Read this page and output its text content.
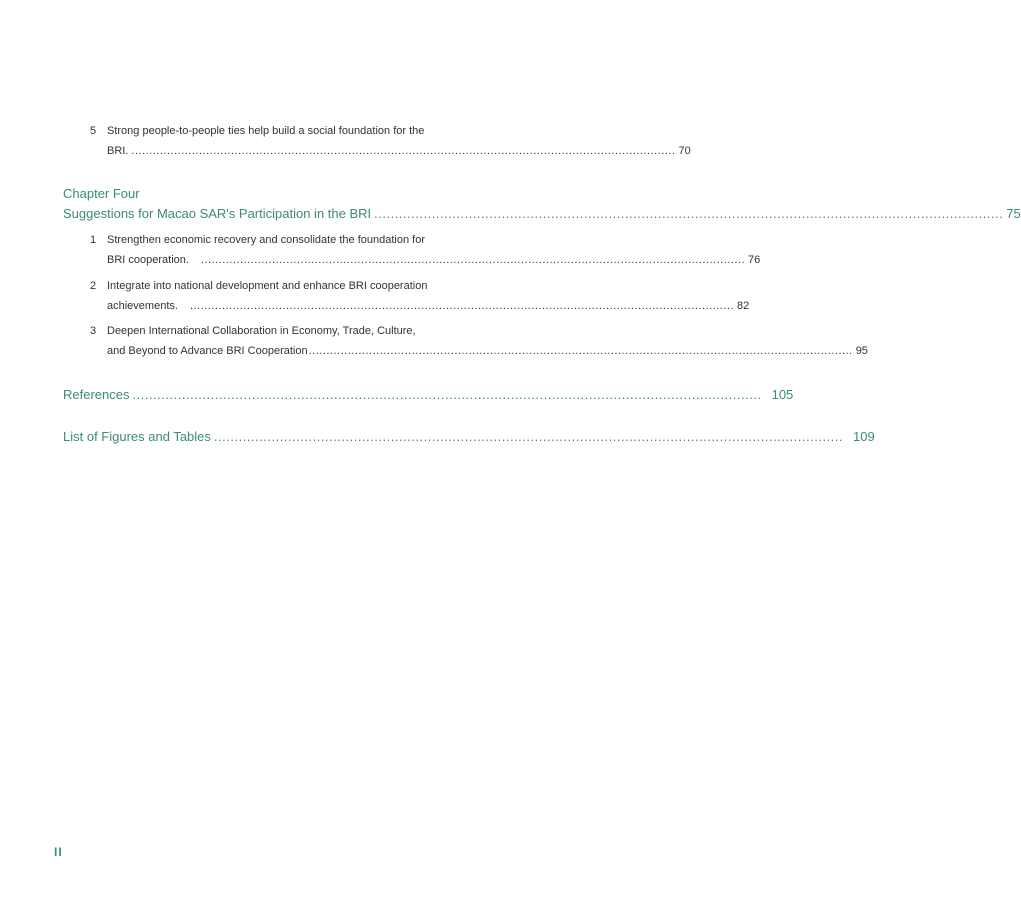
5 Strong people-to-people ties help build a social foundation for the
BRI. ......................................................................................................................................................... 70
Chapter Four
Suggestions for Macao SAR's Participation in the BRI ......................................................................................................................................................... 75
1 Strengthen economic recovery and consolidate the foundation for
BRI cooperation. ......................................................................................................................................................... 76
2 Integrate into national development and enhance BRI cooperation
achievements. ......................................................................................................................................................... 82
3 Deepen International Collaboration in Economy, Trade, Culture,
and Beyond to Advance BRI Cooperation ......................................................................................................................................................... 95
References ......................................................................................................................................................... 105
List of Figures and Tables ......................................................................................................................................................... 109
II
